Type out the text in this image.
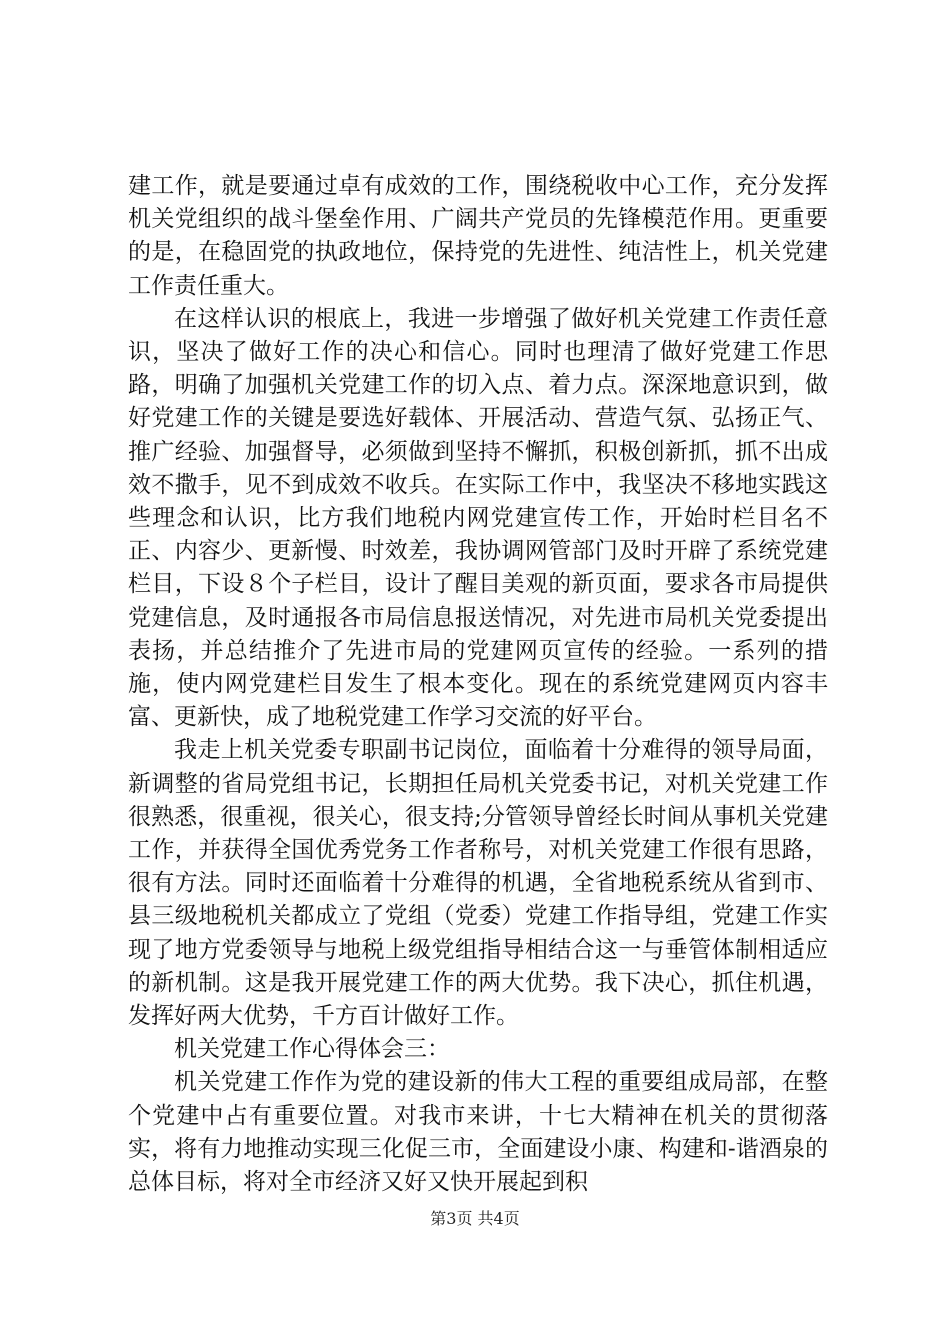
建工作，就是要通过卓有成效的工作，围绕税收中心工作，充分发挥机关党组织的战斗堡垒作用、广阔共产党员的先锋模范作用。更重要的是，在稳固党的执政地位，保持党的先进性、纯洁性上，机关党建工作责任重大。

在这样认识的根底上，我进一步增强了做好机关党建工作责任意识，坚决了做好工作的决心和信心。同时也理清了做好党建工作思路，明确了加强机关党建工作的切入点、着力点。深深地意识到，做好党建工作的关键是要选好载体、开展活动、营造气氛、弘扬正气、推广经验、加强督导，必须做到坚持不懈抓，积极创新抓，抓不出成效不撒手，见不到成效不收兵。在实际工作中，我坚决不移地实践这些理念和认识，比方我们地税内网党建宣传工作，开始时栏目名不正、内容少、更新慢、时效差，我协调网管部门及时开辟了系统党建栏目，下设８个子栏目，设计了醒目美观的新页面，要求各市局提供党建信息，及时通报各市局信息报送情况，对先进市局机关党委提出表扬，并总结推介了先进市局的党建网页宣传的经验。一系列的措施，使内网党建栏目发生了根本变化。现在的系统党建网页内容丰富、更新快，成了地税党建工作学习交流的好平台。

我走上机关党委专职副书记岗位，面临着十分难得的领导局面，新调整的省局党组书记，长期担任局机关党委书记，对机关党建工作很熟悉，很重视，很关心，很支持;分管领导曾经长时间从事机关党建工作，并获得全国优秀党务工作者称号，对机关党建工作很有思路，很有方法。同时还面临着十分难得的机遇，全省地税系统从省到市、县三级地税机关都成立了党组（党委）党建工作指导组，党建工作实现了地方党委领导与地税上级党组指导相结合这一与垂管体制相适应的新机制。这是我开展党建工作的两大优势。我下决心，抓住机遇，发挥好两大优势，千方百计做好工作。

机关党建工作心得体会三：

机关党建工作作为党的建设新的伟大工程的重要组成局部，在整个党建中占有重要位置。对我市来讲，十七大精神在机关的贯彻落实，将有力地推动实现三化促三市，全面建设小康、构建和-谐酒泉的总体目标，将对全市经济又好又快开展起到积

第3页 共4页
